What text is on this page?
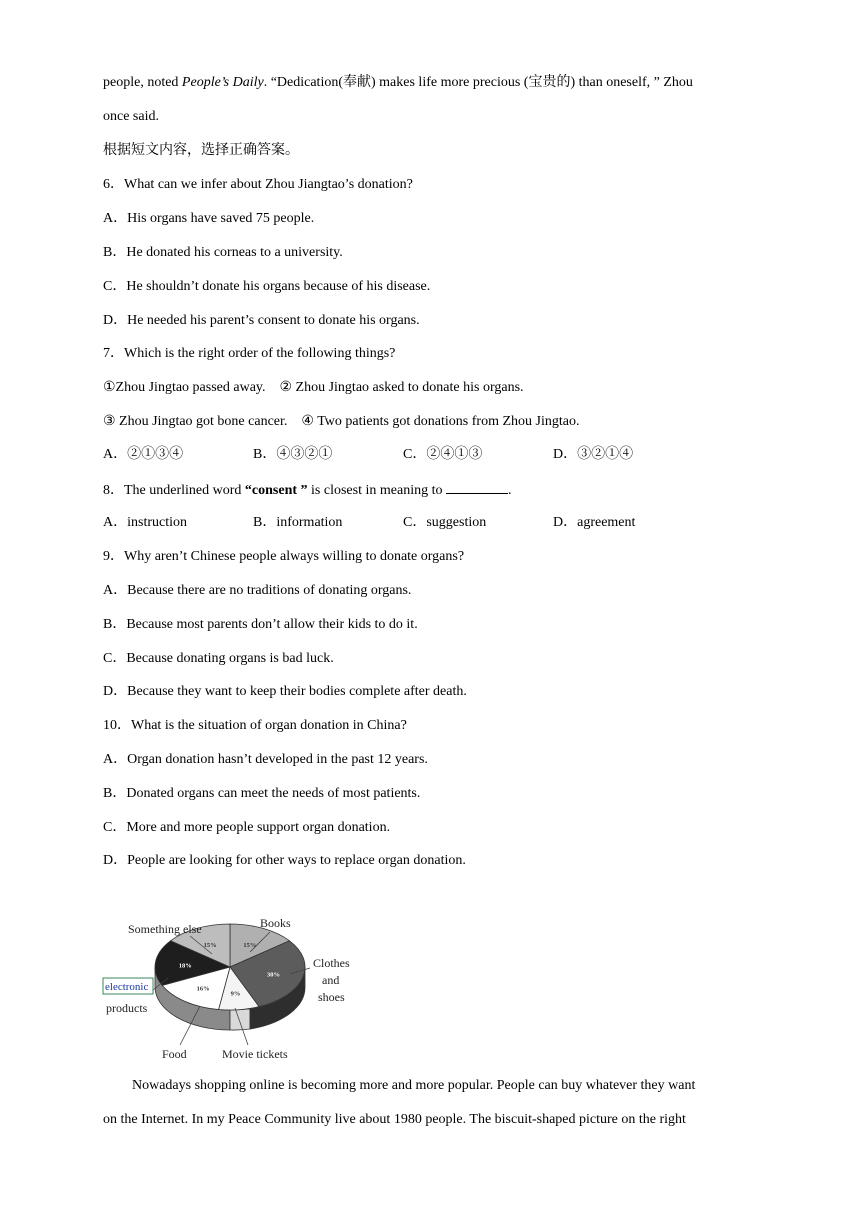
people, noted People’s Daily. “Dedication(奉献) makes life more precious (宝贵的) than oneself, ” Zhou
once said.
根据短文内容，选择正确答案。
6．What can we infer about Zhou Jiangtao’s donation?
A．His organs have saved 75 people.
B．He donated his corneas to a university.
C．He shouldn’t donate his organs because of his disease.
D．He needed his parent’s consent to donate his organs.
7．Which is the right order of the following things?
①Zhou Jingtao passed away.　② Zhou Jingtao asked to donate his organs.
③ Zhou Jingtao got bone cancer.　④ Two patients got donations from Zhou Jingtao.
A．②①③④	B．④③②①	C．②④①③	D．③②①④
8．The underlined word “consent ” is closest in meaning to	.
A．instruction	B．information	C．suggestion	D．agreement
9．Why aren’t Chinese people always willing to donate organs?
A．Because there are no traditions of donating organs.
B．Because most parents don’t allow their kids to do it.
C．Because donating organs is bad luck.
D．Because they want to keep their bodies complete after death.
10．What is the situation of organ donation in China?
A．Organ donation hasn’t developed in the past 12 years.
B．Donated organs can meet the needs of most patients.
C．More and more people support organ donation.
D．People are looking for other ways to replace organ donation.
15%
30%
9%
16%
18%
15%
Something else	Books
Clothes
and
shoes
electronic
products
Food	Movie tickets
Nowadays shopping online is becoming more and more popular. People can buy whatever they want
on the Internet. In my Peace Community live about 1980 people. The biscuit-shaped picture on the right
